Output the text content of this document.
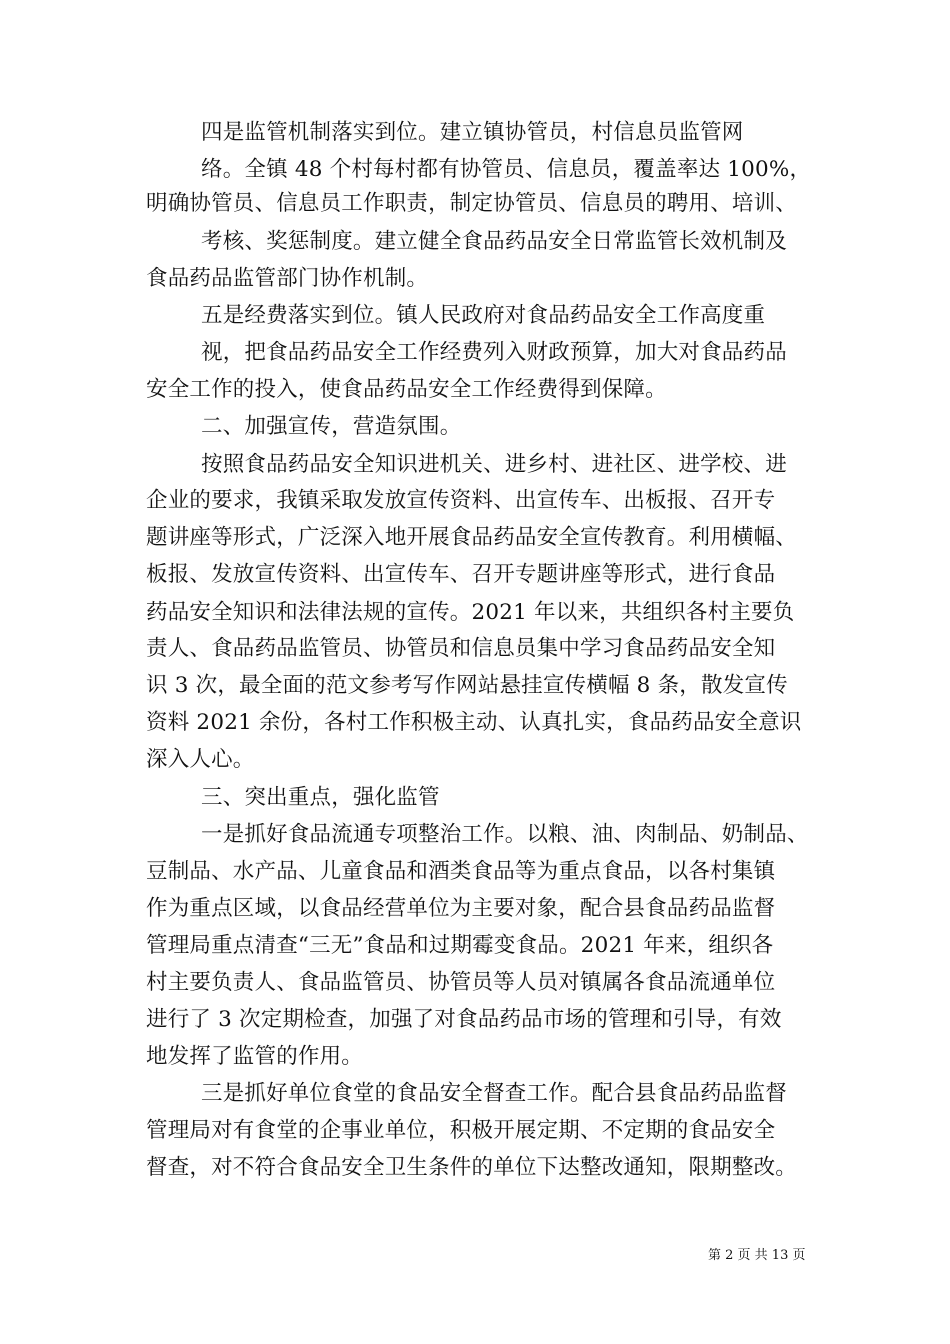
四是监管机制落实到位。建立镇协管员，村信息员监管网
络。全镇 48 个村每村都有协管员、信息员，覆盖率达 100%，
明确协管员、信息员工作职责，制定协管员、信息员的聘用、培训、
考核、奖惩制度。建立健全食品药品安全日常监管长效机制及
食品药品监管部门协作机制。
五是经费落实到位。镇人民政府对食品药品安全工作高度重
视，把食品药品安全工作经费列入财政预算，加大对食品药品
安全工作的投入，使食品药品安全工作经费得到保障。
二、加强宣传，营造氛围。
按照食品药品安全知识进机关、进乡村、进社区、进学校、进
企业的要求，我镇采取发放宣传资料、出宣传车、出板报、召开专
题讲座等形式，广泛深入地开展食品药品安全宣传教育。利用横幅、
板报、发放宣传资料、出宣传车、召开专题讲座等形式，进行食品
药品安全知识和法律法规的宣传。2021 年以来，共组织各村主要负
责人、食品药品监管员、协管员和信息员集中学习食品药品安全知
识 3 次，最全面的范文参考写作网站悬挂宣传横幅 8 条，散发宣传
资料 2021 余份，各村工作积极主动、认真扎实，食品药品安全意识
深入人心。
三、突出重点，强化监管
一是抓好食品流通专项整治工作。以粮、油、肉制品、奶制品、
豆制品、水产品、儿童食品和酒类食品等为重点食品，以各村集镇
作为重点区域，以食品经营单位为主要对象，配合县食品药品监督
管理局重点清查“三无”食品和过期霉变食品。2021 年来，组织各
村主要负责人、食品监管员、协管员等人员对镇属各食品流通单位
进行了 3 次定期检查，加强了对食品药品市场的管理和引导，有效
地发挥了监管的作用。
三是抓好单位食堂的食品安全督查工作。配合县食品药品监督
管理局对有食堂的企事业单位，积极开展定期、不定期的食品安全
督查，对不符合食品安全卫生条件的单位下达整改通知，限期整改。
第 2 页 共 13 页
